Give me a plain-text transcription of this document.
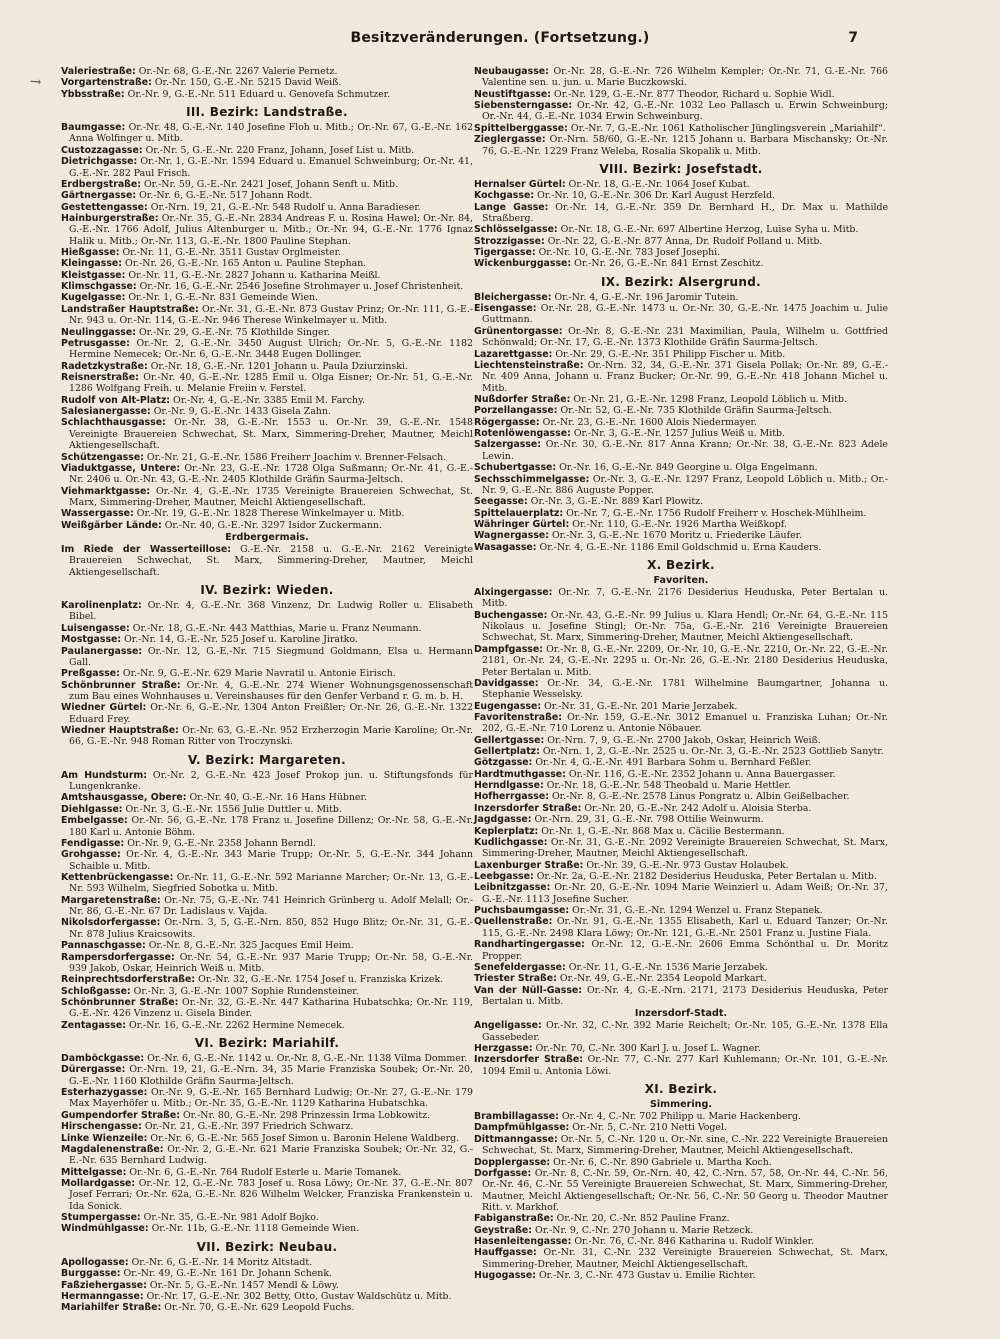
↘
Besitzveränderungen. (Fortsetzung.)	7
Valeriestraße: Or.-Nr. 68, G.-E.-Nr. 2267 Valerie Pernetz.
Vorgartenstraße: Or.-Nr. 150, G.-E.-Nr. 5215 David Weiß.
Ybbsstraße: Or.-Nr. 9, G.-E.-Nr. 511 Eduard u. Genovefa Schmutzer.
III. Bezirk: Landstraße.
Baumgasse: Or.-Nr. 48, G.-E.-Nr. 140 Josefine Floh u. Mitb.; Or.-Nr. 67, G.-E.-Nr. 162 Anna Wolfinger u. Mitb.
Custozzagasse: Or.-Nr. 5, G.-E.-Nr. 220 Franz, Johann, Josef List u. Mitb.
Dietrichgasse: Or.-Nr. 1, G.-E.-Nr. 1594 Eduard u. Emanuel Schweinburg; Or.-Nr. 41, G.-E.-Nr. 282 Paul Frisch.
Erdbergstraße: Or.-Nr. 59, G.-E.-Nr. 2421 Josef, Johann Senft u. Mitb.
Gärtnergasse: Or.-Nr. 6, G.-E.-Nr. 517 Johann Rodt.
Gestettengasse: Or.-Nrn. 19, 21, G.-E.-Nr. 548 Rudolf u. Anna Baradieser.
Hainburgerstraße: Or.-Nr. 35, G.-E.-Nr. 2834 Andreas F. u. Rosina Hawel; Or.-Nr. 84, G.-E.-Nr. 1766 Adolf, Julius Altenburger u. Mitb.; Or.-Nr. 94, G.-E.-Nr. 1776 Ignaz Halik u. Mitb.; Or.-Nr. 113, G.-E.-Nr. 1800 Pauline Stephan.
Hießgasse: Or.-Nr. 11, G.-E.-Nr. 3511 Gustav Orglmeister.
Kleingasse: Or.-Nr. 26, G.-E.-Nr. 165 Anton u. Pauline Stephan.
Kleistgasse: Or.-Nr. 11, G.-E.-Nr. 2827 Johann u. Katharina Meißl.
Klimschgasse: Or.-Nr. 16, G.-E.-Nr. 2546 Josefine Strohmayer u. Josef Christenheit.
Kugelgasse: Or.-Nr. 1, G.-E.-Nr. 831 Gemeinde Wien.
Landstraßer Hauptstraße: Or.-Nr. 31, G.-E.-Nr. 873 Gustav Prinz; Or.-Nr. 111, G.-E.-Nr. 943 u. Or.-Nr. 114, G.-E.-Nr. 946 Therese Winkelmayer u. Mitb.
Neulinggasse: Or.-Nr. 29, G.-E.-Nr. 75 Klothilde Singer.
Petrusgasse: Or.-Nr. 2, G.-E.-Nr. 3450 August Ulrich; Or.-Nr. 5, G.-E.-Nr. 1182 Hermine Nemecek; Or.-Nr. 6, G.-E.-Nr. 3448 Eugen Dollinger.
Radetzkystraße: Or.-Nr. 18, G.-E.-Nr. 1201 Johann u. Paula Dziurzinski.
Reisnerstraße: Or.-Nr. 40, G.-E.-Nr. 1285 Emil u. Olga Eisner; Or.-Nr. 51, G.-E.-Nr. 1286 Wolfgang Freih. u. Melanie Freiin v. Ferstel.
Rudolf von Alt-Platz: Or.-Nr. 4, G.-E.-Nr. 3385 Emil M. Farchy.
Salesianergasse: Or.-Nr. 9, G.-E.-Nr. 1433 Gisela Zahn.
Schlachthausgasse: Or.-Nr. 38, G.-E.-Nr. 1553 u. Or.-Nr. 39, G.-E.-Nr. 1548 Vereinigte Brauereien Schwechat, St. Marx, Simmering-Dreher, Mautner, Meichl Aktiengesellschaft.
Schützengasse: Or.-Nr. 21, G.-E.-Nr. 1586 Freiherr Joachim v. Brenner-Felsach.
Viaduktgasse, Untere: Or.-Nr. 23, G.-E.-Nr. 1728 Olga Sußmann; Or.-Nr. 41, G.-E.-Nr. 2406 u. Or.-Nr. 43, G.-E.-Nr. 2405 Klothilde Gräfin Saurma-Jeltsch.
Viehmarktgasse: Or.-Nr. 4, G.-E.-Nr. 1735 Vereinigte Brauereien Schwechat, St. Marx, Simmering-Dreher, Mautner, Meichl Aktiengesellschaft.
Wassergasse: Or.-Nr. 19, G.-E.-Nr. 1828 Therese Winkelmayer u. Mitb.
Weißgärber Lände: Or.-Nr. 40, G.-E.-Nr. 3297 Isidor Zuckermann.
Erdbergermais.
Im Riede der Wasserteillose: G.-E.-Nr. 2158 u. G.-E.-Nr. 2162 Vereinigte Brauereien Schwechat, St. Marx, Simmering-Dreher, Mautner, Meichl Aktiengesellschaft.
IV. Bezirk: Wieden.
Karolinenplatz: Or.-Nr. 4, G.-E.-Nr. 368 Vinzenz, Dr. Ludwig Roller u. Elisabeth Bibel.
Luisengasse: Or.-Nr. 18, G.-E.-Nr. 443 Matthias, Marie u. Franz Neumann.
Mostgasse: Or.-Nr. 14, G.-E.-Nr. 525 Josef u. Karoline Jiratko.
Paulanergasse: Or.-Nr. 12, G.-E.-Nr. 715 Siegmund Goldmann, Elsa u. Hermann Gall.
Preßgasse: Or.-Nr. 9, G.-E.-Nr. 629 Marie Navratil u. Antonie Eirisch.
Schönbrunner Straße: Or.-Nr. 4, G.-E.-Nr. 274 Wiener Wohnungsgenossenschaft zum Bau eines Wohnhauses u. Vereinshauses für den Genfer Verband r. G. m. b. H.
Wiedner Gürtel: Or.-Nr. 6, G.-E.-Nr. 1304 Anton Freißler; Or.-Nr. 26, G.-E.-Nr. 1322 Eduard Frey.
Wiedner Hauptstraße: Or.-Nr. 63, G.-E.-Nr. 952 Erzherzogin Marie Karoline; Or.-Nr. 66, G.-E.-Nr. 948 Roman Ritter von Troczynski.
V. Bezirk: Margareten.
Am Hundsturm: Or.-Nr. 2, G.-E.-Nr. 423 Josef Prokop jun. u. Stiftungsfonds für Lungenkranke.
Amtshausgasse, Obere: Or.-Nr. 40, G.-E.-Nr. 16 Hans Hübner.
Diehlgasse: Or.-Nr. 3, G.-E.-Nr. 1556 Julie Duttler u. Mitb.
Embelgasse: Or.-Nr. 56, G.-E.-Nr. 178 Franz u. Josefine Dillenz; Or.-Nr. 58, G.-E.-Nr. 180 Karl u. Antonie Böhm.
Fendigasse: Or.-Nr. 9, G.-E.-Nr. 2358 Johann Berndl.
Grohgasse: Or.-Nr. 4, G.-E.-Nr. 343 Marie Trupp; Or.-Nr. 5, G.-E.-Nr. 344 Johann Schaible u. Mitb.
Kettenbrückengasse: Or.-Nr. 11, G.-E.-Nr. 592 Marianne Marcher; Or.-Nr. 13, G.-E.-Nr. 593 Wilhelm, Siegfried Sobotka u. Mitb.
Margaretenstraße: Or.-Nr. 75, G.-E.-Nr. 741 Heinrich Grünberg u. Adolf Melall; Or.-Nr. 86, G.-E.-Nr. 67 Dr. Ladislaus v. Vajda.
Nikolsdorfergasse: Or.-Nrn. 3, 5, G.-E.-Nrn. 850, 852 Hugo Blitz; Or.-Nr. 31, G.-E.-Nr. 878 Julius Kraicsowits.
Pannaschgasse: Or.-Nr. 8, G.-E.-Nr. 325 Jacques Emil Heim.
Rampersdorfergasse: Or.-Nr. 54, G.-E.-Nr. 937 Marie Trupp; Or.-Nr. 58, G.-E.-Nr. 939 Jakob, Oskar, Heinrich Weiß u. Mitb.
Reinprechtsdorferstraße: Or.-Nr. 32, G.-E.-Nr. 1754 Josef u. Franziska Krizek.
Schloßgasse: Or.-Nr. 3, G.-E.-Nr. 1007 Sophie Rundensteiner.
Schönbrunner Straße: Or.-Nr. 32, G.-E.-Nr. 447 Katharina Hubatschka; Or.-Nr. 119, G.-E.-Nr. 426 Vinzenz u. Gisela Binder.
Zentagasse: Or.-Nr. 16, G.-E.-Nr. 2262 Hermine Nemecek.
VI. Bezirk: Mariahilf.
Damböckgasse: Or.-Nr. 6, G.-E.-Nr. 1142 u. Or.-Nr. 8, G.-E.-Nr. 1138 Vilma Dommer.
Dürergasse: Or.-Nrn. 19, 21, G.-E.-Nrn. 34, 35 Marie Franziska Soubek; Or.-Nr. 20, G.-E.-Nr. 1160 Klothilde Gräfin Saurma-Jeltsch.
Esterhazygasse: Or.-Nr. 9, G.-E.-Nr. 165 Bernhard Ludwig; Or.-Nr. 27, G.-E.-Nr. 179 Max Mayerhöfer u. Mitb.; Or.-Nr. 35, G.-E.-Nr. 1129 Katharina Hubatschka.
Gumpendorfer Straße: Or.-Nr. 80, G.-E.-Nr. 298 Prinzessin Irma Lobkowitz.
Hirschengasse: Or.-Nr. 21, G.-E.-Nr. 397 Friedrich Schwarz.
Linke Wienzeile: Or.-Nr. 6, G.-E.-Nr. 565 Josef Simon u. Baronin Helene Waldberg.
Magdalenenstraße: Or.-Nr. 2, G.-E.-Nr. 621 Marie Franziska Soubek; Or.-Nr. 32, G.-E.-Nr. 635 Bernhard Ludwig.
Mittelgasse: Or.-Nr. 6, G.-E.-Nr. 764 Rudolf Esterle u. Marie Tomanek.
Mollardgasse: Or.-Nr. 12, G.-E.-Nr. 783 Josef u. Rosa Löwy; Or.-Nr. 37, G.-E.-Nr. 807 Josef Ferrari; Or.-Nr. 62a, G.-E.-Nr. 826 Wilhelm Welcker, Franziska Frankenstein u. Ida Sonick.
Stumpergasse: Or.-Nr. 35, G.-E.-Nr. 981 Adolf Bojko.
Windmühlgasse: Or.-Nr. 11b, G.-E.-Nr. 1118 Gemeinde Wien.
VII. Bezirk: Neubau.
Apollogasse: Or.-Nr. 6, G.-E.-Nr. 14 Moritz Altstadt.
Burggasse: Or.-Nr. 49, G.-E.-Nr. 161 Dr. Johann Schenk.
Faßziehergasse: Or.-Nr. 5, G.-E.-Nr. 1457 Mendl & Löwy.
Hermanngasse: Or.-Nr. 17, G.-E.-Nr. 302 Betty, Otto, Gustav Waldschütz u. Mitb.
Mariahilfer Straße: Or.-Nr. 70, G.-E.-Nr. 629 Leopold Fuchs.
Neubaugasse: Or.-Nr. 28, G.-E.-Nr. 726 Wilhelm Kempler; Or.-Nr. 71, G.-E.-Nr. 766 Valentine sen. u. jun. u. Marie Buczkowski.
Neustiftgasse: Or.-Nr. 129, G.-E.-Nr. 877 Theodor, Richard u. Sophie Widl.
Siebensterngasse: Or.-Nr. 42, G.-E.-Nr. 1032 Leo Pallasch u. Erwin Schweinburg; Or.-Nr. 44, G.-E.-Nr. 1034 Erwin Schweinburg.
Spittelberggasse: Or.-Nr. 7, G.-E.-Nr. 1061 Katholischer Jünglingsverein „Mariahilf“.
Zieglergasse: Or.-Nrn. 58/60, G.-E.-Nr. 1215 Johann u. Barbara Mischansky; Or.-Nr. 76, G.-E.-Nr. 1229 Franz Weleba, Rosalia Skopalik u. Mitb.
VIII. Bezirk: Josefstadt.
Hernalser Gürtel: Or.-Nr. 18, G.-E.-Nr. 1064 Josef Kubat.
Kochgasse: Or.-Nr. 10, G.-E.-Nr. 306 Dr. Karl August Herzfeld.
Lange Gasse: Or.-Nr. 14, G.-E.-Nr. 359 Dr. Bernhard H., Dr. Max u. Mathilde Straßberg.
Schlösselgasse: Or.-Nr. 18, G.-E.-Nr. 697 Albertine Herzog, Luise Syha u. Mitb.
Strozzigasse: Or.-Nr. 22, G.-E.-Nr. 877 Anna, Dr. Rudolf Polland u. Mitb.
Tigergasse: Or.-Nr. 10, G.-E.-Nr. 783 Josef Josephi.
Wickenburggasse: Or.-Nr. 26, G.-E.-Nr. 841 Ernst Zeschitz.
IX. Bezirk: Alsergrund.
Bleichergasse: Or.-Nr. 4, G.-E.-Nr. 196 Jaromir Tutein.
Eisengasse: Or.-Nr. 28, G.-E.-Nr. 1473 u. Or.-Nr. 30, G.-E.-Nr. 1475 Joachim u. Julie Guttmann.
Grünentorgasse: Or.-Nr. 8, G.-E.-Nr. 231 Maximilian, Paula, Wilhelm u. Gottfried Schönwald; Or.-Nr. 17, G.-E.-Nr. 1373 Klothilde Gräfin Saurma-Jeltsch.
Lazarettgasse: Or.-Nr. 29, G.-E.-Nr. 351 Philipp Fischer u. Mitb.
Liechtensteinstraße: Or.-Nrn. 32, 34, G.-E.-Nr. 371 Gisela Pollak; Or.-Nr. 89, G.-E.-Nr. 409 Anna, Johann u. Franz Bucker; Or.-Nr. 99, G.-E.-Nr. 418 Johann Michel u. Mitb.
Nußdorfer Straße: Or.-Nr. 21, G.-E.-Nr. 1298 Franz, Leopold Löblich u. Mitb.
Porzellangasse: Or.-Nr. 52, G.-E.-Nr. 735 Klothilde Gräfin Saurma-Jeltsch.
Rögergasse: Or.-Nr. 23, G.-E.-Nr. 1600 Alois Niedermayer.
Rotenlöwengasse: Or.-Nr. 3, G.-E.-Nr. 1257 Julius Weiß u. Mitb.
Salzergasse: Or.-Nr. 30, G.-E.-Nr. 817 Anna Krann; Or.-Nr. 38, G.-E.-Nr. 823 Adele Lewin.
Schubertgasse: Or.-Nr. 16, G.-E.-Nr. 849 Georgine u. Olga Engelmann.
Sechsschimmelgasse: Or.-Nr. 3, G.-E.-Nr. 1297 Franz, Leopold Löblich u. Mitb.; Or.-Nr. 9, G.-E.-Nr. 886 Auguste Popper.
Seegasse: Or.-Nr. 3, G.-E.-Nr. 889 Karl Plowitz.
Spittelauerplatz: Or.-Nr. 7, G.-E.-Nr. 1756 Rudolf Freiherr v. Hoschek-Mühlheim.
Währinger Gürtel: Or.-Nr. 110, G.-E.-Nr. 1926 Martha Weißkopf.
Wagnergasse: Or.-Nr. 3, G.-E.-Nr. 1670 Moritz u. Friederike Läufer.
Wasagasse: Or.-Nr. 4, G.-E.-Nr. 1186 Emil Goldschmid u. Erna Kauders.
X. Bezirk.
Favoriten.
Alxingergasse: Or.-Nr. 7, G.-E.-Nr. 2176 Desiderius Heuduska, Peter Bertalan u. Mitb.
Buchengasse: Or.-Nr. 43, G.-E.-Nr. 99 Julius u. Klara Hendl; Or.-Nr. 64, G.-E.-Nr. 115 Nikolaus u. Josefine Stingl; Or.-Nr. 75a, G.-E.-Nr. 216 Vereinigte Brauereien Schwechat, St. Marx, Simmering-Dreher, Mautner, Meichl Aktiengesellschaft.
Dampfgasse: Or.-Nr. 8, G.-E.-Nr. 2209, Or.-Nr. 10, G.-E.-Nr. 2210, Or.-Nr. 22, G.-E.-Nr. 2181, Or.-Nr. 24, G.-E.-Nr. 2295 u. Or.-Nr. 26, G.-E.-Nr. 2180 Desiderius Heuduska, Peter Bertalan u. Mitb.
Davidgasse: Or.-Nr. 34, G.-E.-Nr. 1781 Wilhelmine Baumgartner, Johanna u. Stephanie Wesselsky.
Eugengasse: Or.-Nr. 31, G.-E.-Nr. 201 Marie Jerzabek.
Favoritenstraße: Or.-Nr. 159, G.-E.-Nr. 3012 Emanuel u. Franziska Luhan; Or.-Nr. 202, G.-E.-Nr. 710 Lorenz u. Antonie Nöbauer.
Gellertgasse: Or.-Nrn. 7, 9, G.-E.-Nr. 2700 Jakob, Oskar, Heinrich Weiß.
Gellertplatz: Or.-Nrn. 1, 2, G.-E.-Nr. 2525 u. Or.-Nr. 3, G.-E.-Nr. 2523 Gottlieb Sanytr.
Götzgasse: Or.-Nr. 4, G.-E.-Nr. 491 Barbara Sohm u. Bernhard Feßler.
Hardtmuthgasse: Or.-Nr. 116, G.-E.-Nr. 2352 Johann u. Anna Bauergasser.
Herndlgasse: Or.-Nr. 18, G.-E.-Nr. 548 Theobald u. Marie Hettler.
Hofherrgasse: Or.-Nr. 8, G.-E.-Nr. 2578 Linus Pongratz u. Albin Geißelbacher.
Inzersdorfer Straße: Or.-Nr. 20, G.-E.-Nr. 242 Adolf u. Aloisia Sterba.
Jagdgasse: Or.-Nrn. 29, 31, G.-E.-Nr. 798 Ottilie Weinwurm.
Keplerplatz: Or.-Nr. 1, G.-E.-Nr. 868 Max u. Cäcilie Bestermann.
Kudlichgasse: Or.-Nr. 31, G.-E.-Nr. 2092 Vereinigte Brauereien Schwechat, St. Marx, Simmering-Dreher, Mautner, Meichl Aktiengesellschaft.
Laxenburger Straße: Or.-Nr. 39, G.-E.-Nr. 973 Gustav Holaubek.
Leebgasse: Or.-Nr. 2a, G.-E.-Nr. 2182 Desiderius Heuduska, Peter Bertalan u. Mitb.
Leibnitzgasse: Or.-Nr. 20, G.-E.-Nr. 1094 Marie Weinzierl u. Adam Weiß; Or.-Nr. 37, G.-E.-Nr. 1113 Josefine Sucher.
Puchsbaumgasse: Or.-Nr. 31, G.-E.-Nr. 1294 Wenzel u. Franz Stepanek.
Quellenstraße: Or.-Nr. 91, G.-E.-Nr. 1355 Elisabeth, Karl u. Eduard Tanzer; Or.-Nr. 115, G.-E.-Nr. 2498 Klara Löwy; Or.-Nr. 121, G.-E.-Nr. 2501 Franz u. Justine Fiala.
Randhartingergasse: Or.-Nr. 12, G.-E.-Nr. 2606 Emma Schönthal u. Dr. Moritz Propper.
Senefeldergasse: Or.-Nr. 11, G.-E.-Nr. 1536 Marie Jerzabek.
Triester Straße: Or.-Nr. 49, G.-E.-Nr. 2354 Leopold Markart.
Van der Nüll-Gasse: Or.-Nr. 4, G.-E.-Nrn. 2171, 2173 Desiderius Heuduska, Peter Bertalan u. Mitb.
Inzersdorf-Stadt.
Angeligasse: Or.-Nr. 32, C.-Nr. 392 Marie Reichelt; Or.-Nr. 105, G.-E.-Nr. 1378 Ella Gassebeder.
Herzgasse: Or.-Nr. 70, C.-Nr. 300 Karl J. u. Josef L. Wagner.
Inzersdorfer Straße: Or.-Nr. 77, C.-Nr. 277 Karl Kuhlemann; Or.-Nr. 101, G.-E.-Nr. 1094 Emil u. Antonia Löwi.
XI. Bezirk.
Simmering.
Brambillagasse: Or.-Nr. 4, C.-Nr. 702 Philipp u. Marie Hackenberg.
Dampfmühlgasse: Or.-Nr. 5, C.-Nr. 210 Netti Vogel.
Dittmanngasse: Or.-Nr. 5, C.-Nr. 120 u. Or.-Nr. sine, C.-Nr. 222 Vereinigte Brauereien Schwechat, St. Marx, Simmering-Dreher, Mautner, Meichl Aktiengesellschaft.
Dopplergasse: Or.-Nr. 6, C.-Nr. 890 Gabriele u. Martha Koch.
Dorfgasse: Or.-Nr. 8, C.-Nr. 59, Or.-Nrn. 40, 42, C.-Nrn. 57, 58, Or.-Nr. 44, C.-Nr. 56, Or.-Nr. 46, C.-Nr. 55 Vereinigte Brauereien Schwechat, St. Marx, Simmering-Dreher, Mautner, Meichl Aktiengesellschaft; Or.-Nr. 56, C.-Nr. 50 Georg u. Theodor Mautner Ritt. v. Markhof.
Fabiganstraße: Or.-Nr. 20, C.-Nr. 852 Pauline Franz.
Geystraße: Or.-Nr. 9, C.-Nr. 270 Johann u. Marie Retzeck.
Hasenleitengasse: Or.-Nr. 76, C.-Nr. 846 Katharina u. Rudolf Winkler.
Hauffgasse: Or.-Nr. 31, C.-Nr. 232 Vereinigte Brauereien Schwechat, St. Marx, Simmering-Dreher, Mautner, Meichl Aktiengesellschaft.
Hugogasse: Or.-Nr. 3, C.-Nr. 473 Gustav u. Emilie Richter.
